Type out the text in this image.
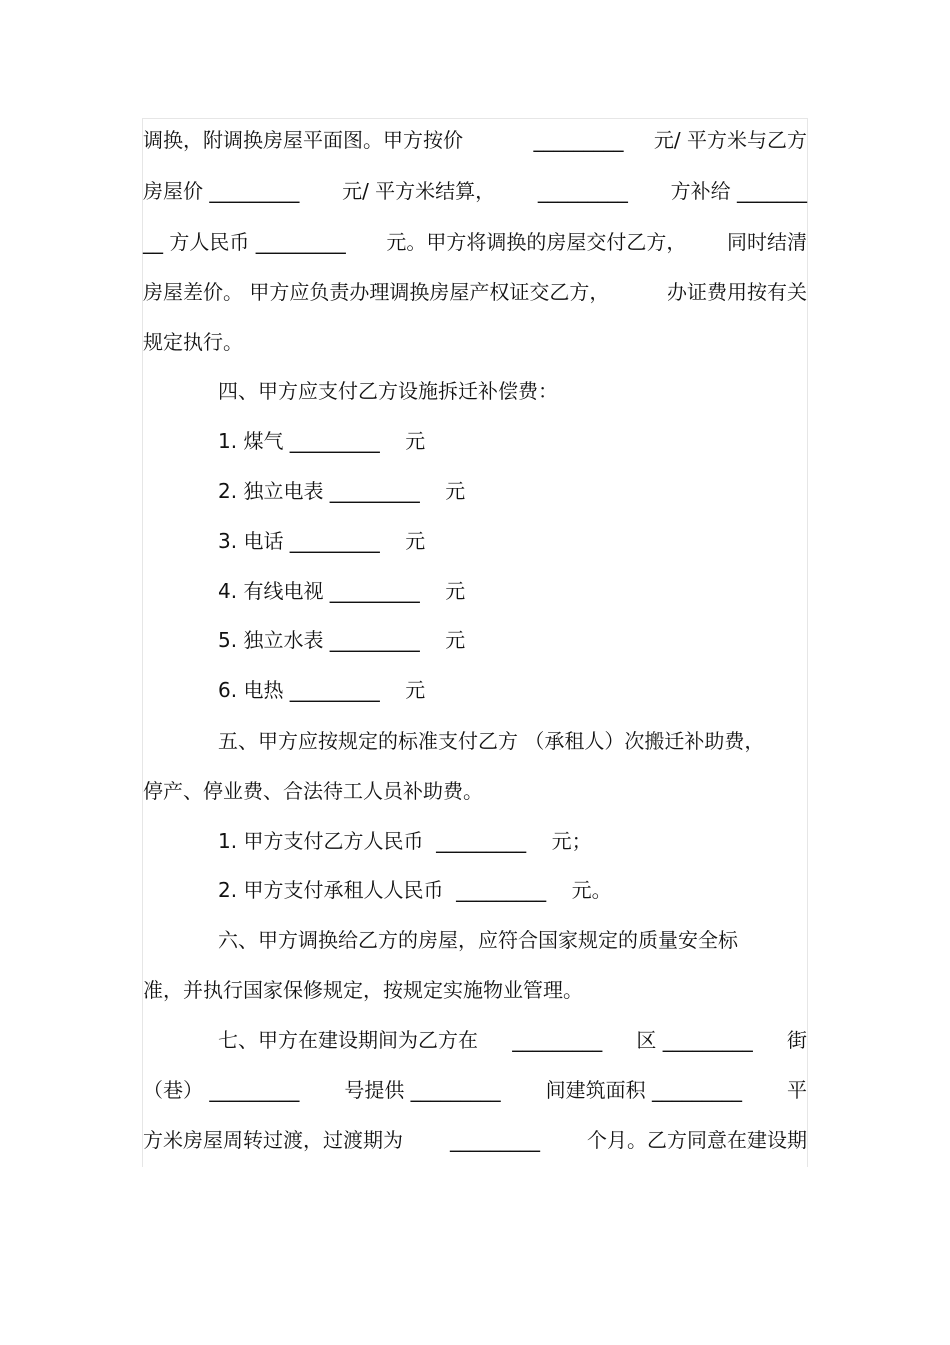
调换，附调换房屋平面图。甲方按价	_________ 元/ 平方米与乙方
房屋价 _________ 元/ 平方米结算， _________ 方补给 _______
__ 方人民币 _________ 元。甲方将调换的房屋交付乙方， 同时结清
房屋差价。 甲方应负责办理调换房屋产权证交乙方，	办证费用按有关
规定执行。
四、甲方应支付乙方设施拆迁补偿费：
1. 煤气 _________    元
2. 独立电表 _________    元
3. 电话 _________    元
4. 有线电视 _________    元
5. 独立水表 _________    元
6. 电热 _________    元
五、甲方应按规定的标准支付乙方 （承租人）次搬迁补助费，
停产、停业费、合法待工人员补助费。
1. 甲方支付乙方人民币  _________    元；
2. 甲方支付承租人人民币  _________    元。
六、甲方调换给乙方的房屋，应符合国家规定的质量安全标
准，并执行国家保修规定，按规定实施物业管理。
七、甲方在建设期间为乙方在 _________ 区 _________ 街
（巷） _________ 号提供 _________ 间建筑面积 _________ 平
方米房屋周转过渡，过渡期为 _________ 个月。乙方同意在建设期
